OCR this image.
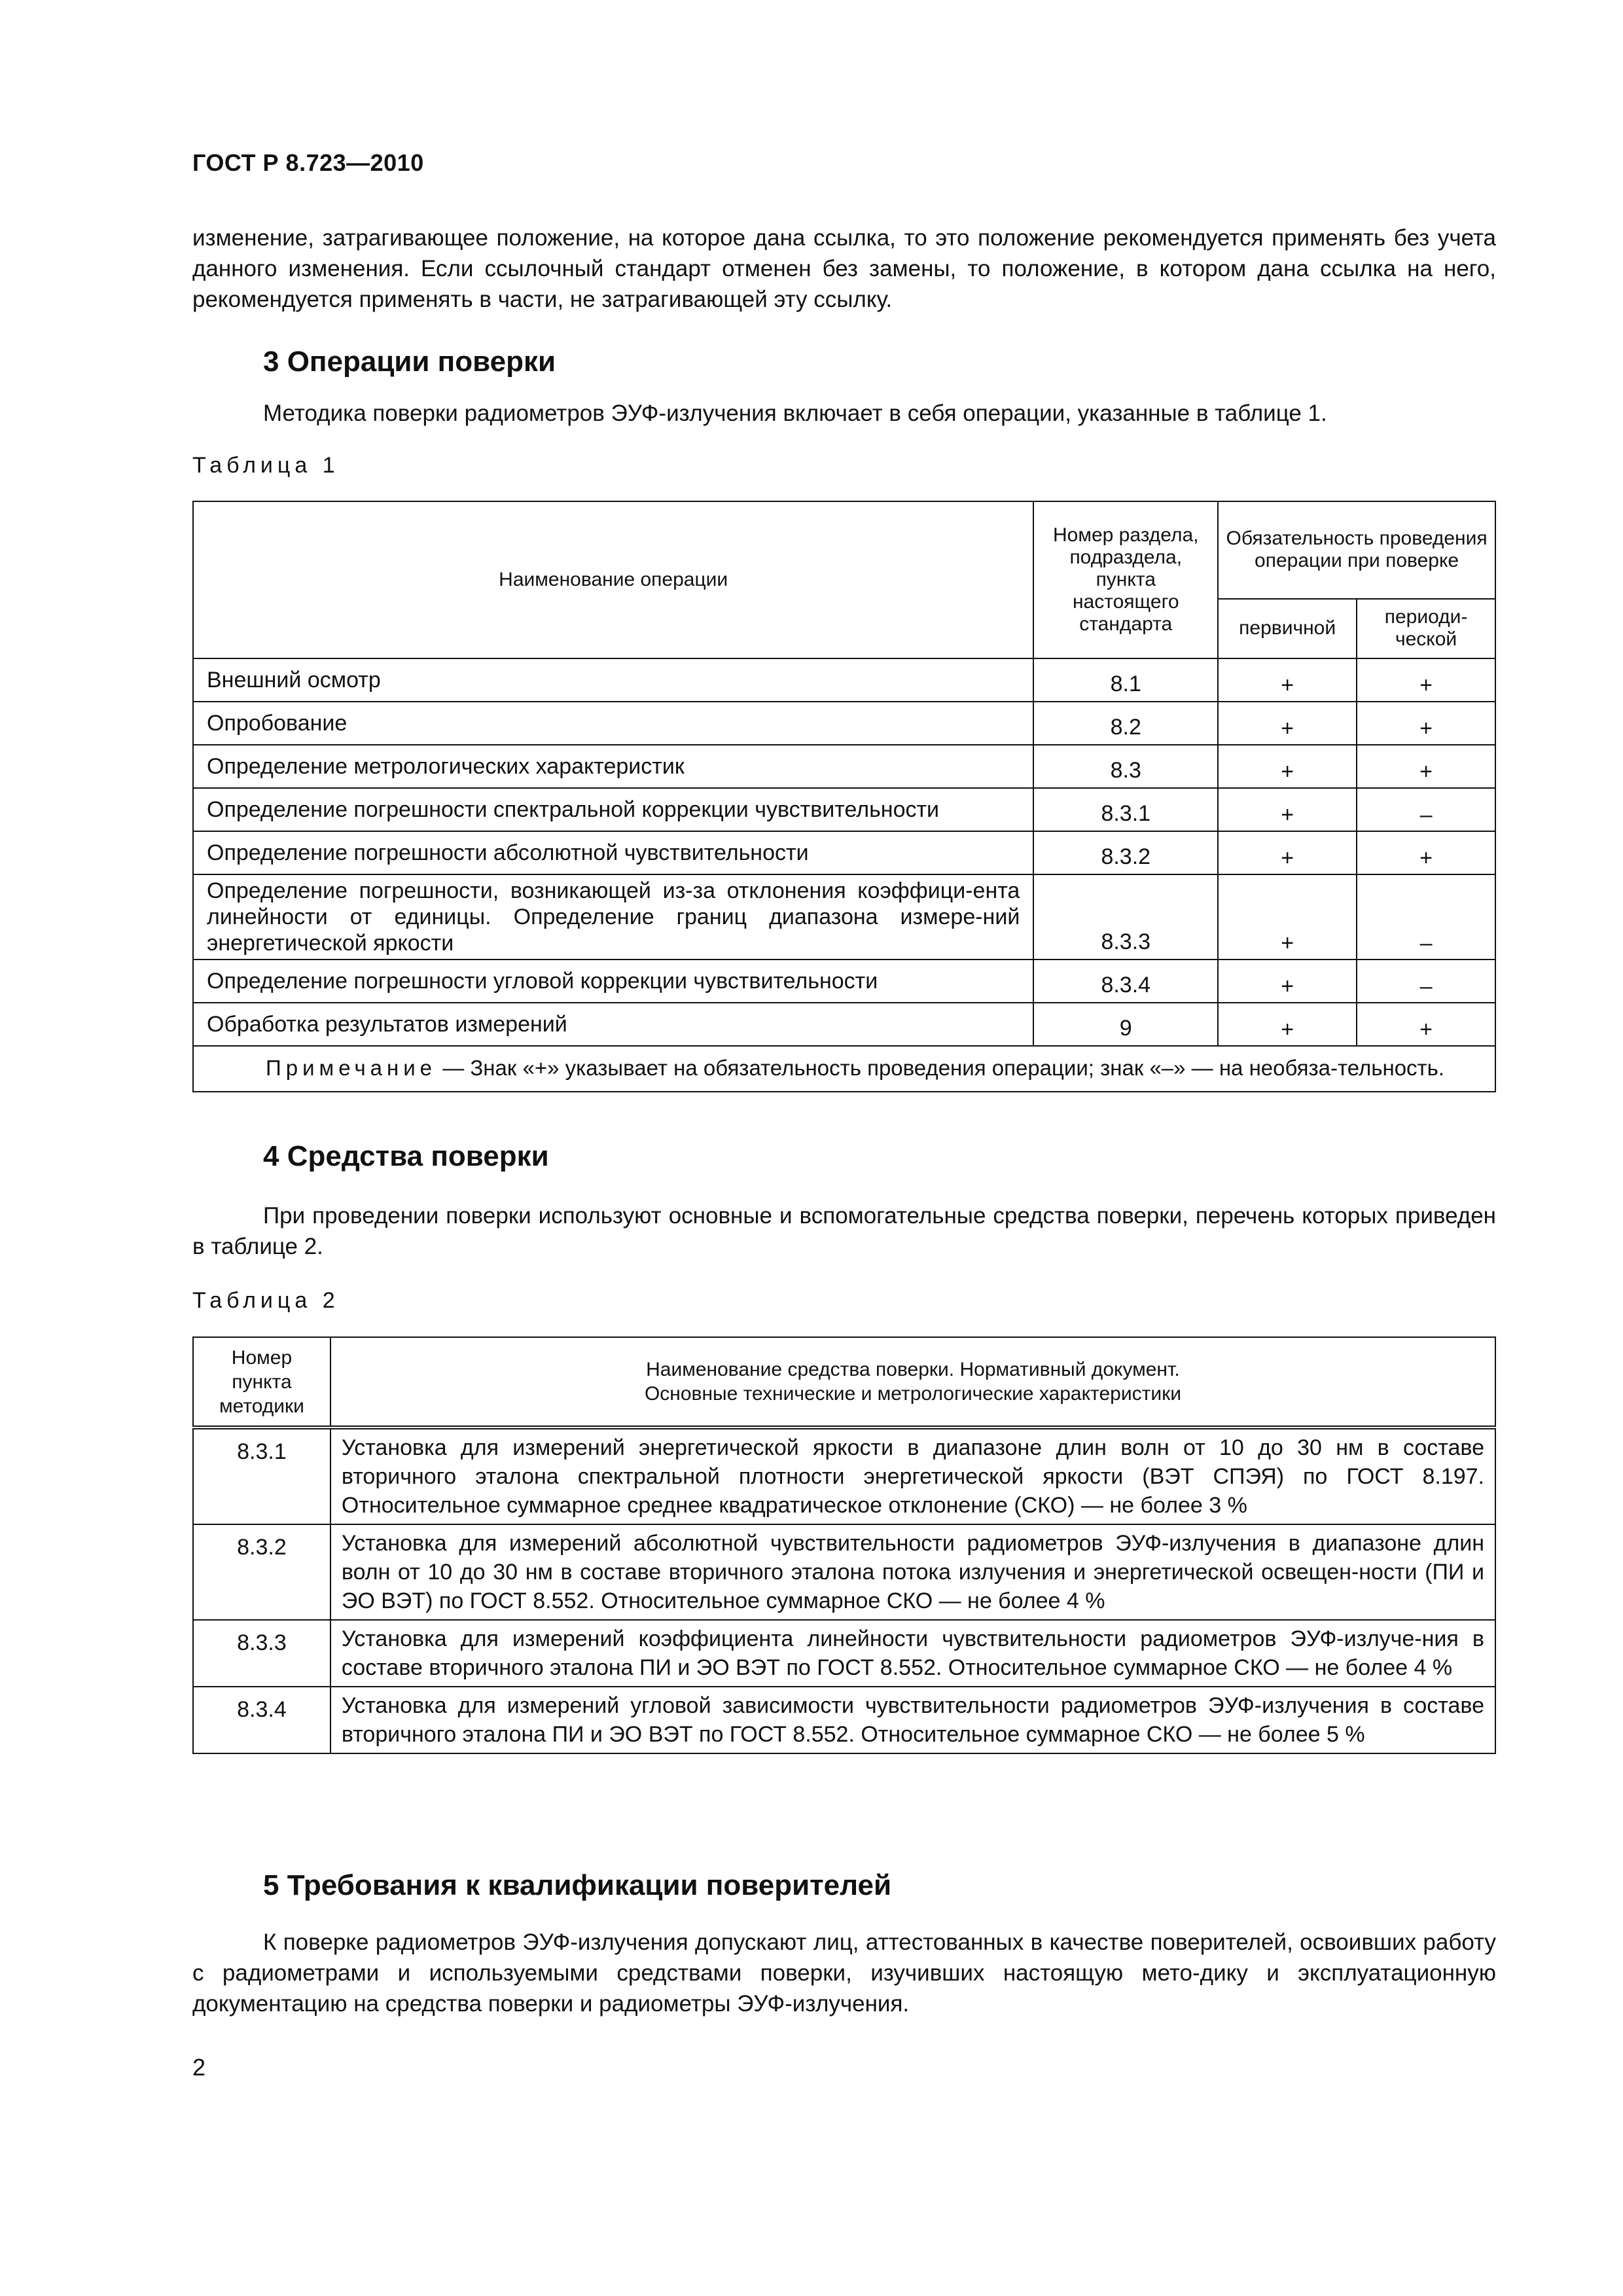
ГОСТ Р 8.723—2010
изменение, затрагивающее положение, на которое дана ссылка, то это положение рекомендуется применять без учета данного изменения. Если ссылочный стандарт отменен без замены, то положение, в котором дана ссылка на него, рекомендуется применять в части, не затрагивающей эту ссылку.
3 Операции поверки
Методика поверки радиометров ЭУФ-излучения включает в себя операции, указанные в таблице 1.
Таблица 1
Наименование операции	Номер раздела, подраздела, пункта настоящего стандарта	Обязательность проведения операции при поверке	
		первичной	периоди-ческой
Внешний осмотр	8.1	+	+
Опробование	8.2	+	+
Определение метрологических характеристик	8.3	+	+
Определение погрешности спектральной коррекции чувствительности	8.3.1	+	–
Определение погрешности абсолютной чувствительности	8.3.2	+	+
Определение погрешности, возникающей из-за отклонения коэффици-ента линейности от единицы. Определение границ диапазона измере-ний энергетической яркости	8.3.3	+	–
Определение погрешности угловой коррекции чувствительности	8.3.4	+	–
Обработка результатов измерений	9	+	+
Примечание — Знак «+» указывает на обязательность проведения операции; знак «–» — на необяза-тельность.			
4 Средства поверки
При проведении поверки используют основные и вспомогательные средства поверки, перечень которых приведен в таблице 2.
Таблица 2
Номер пункта методики	Наименование средства поверки. Нормативный документ.
Основные технические и метрологические характеристики
8.3.1	Установка для измерений энергетической яркости в диапазоне длин волн от 10 до 30 нм в составе вторичного эталона спектральной плотности энергетической яркости (ВЭТ СПЭЯ) по ГОСТ 8.197. Относительное суммарное среднее квадратическое отклонение (СКО) — не более 3 %
8.3.2	Установка для измерений абсолютной чувствительности радиометров ЭУФ-излучения в диапазоне длин волн от 10 до 30 нм в составе вторичного эталона потока излучения и энергетической освещен-ности (ПИ и ЭО ВЭТ) по ГОСТ 8.552. Относительное суммарное СКО — не более 4 %
8.3.3	Установка для измерений коэффициента линейности чувствительности радиометров ЭУФ-излуче-ния в составе вторичного эталона ПИ и ЭО ВЭТ по ГОСТ 8.552. Относительное суммарное СКО — не более 4 %
8.3.4	Установка для измерений угловой зависимости чувствительности радиометров ЭУФ-излучения в составе вторичного эталона ПИ и ЭО ВЭТ по ГОСТ 8.552. Относительное суммарное СКО — не более 5 %
5 Требования к квалификации поверителей
К поверке радиометров ЭУФ-излучения допускают лиц, аттестованных в качестве поверителей, освоивших работу с радиометрами и используемыми средствами поверки, изучивших настоящую мето-дику и эксплуатационную документацию на средства поверки и радиометры ЭУФ-излучения.
2
